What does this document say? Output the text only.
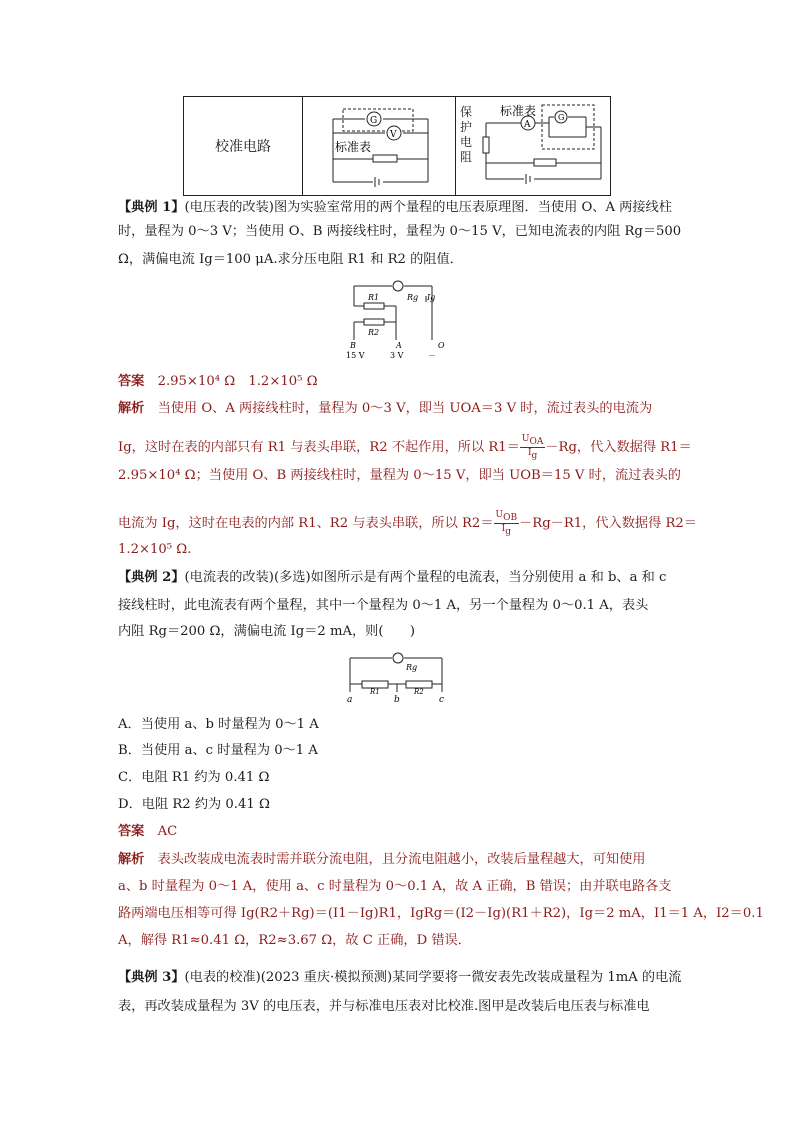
校准电路
G
V
标准表
A
G
标准表
保护电阻
【典例 1】(电压表的改装)图为实验室常用的两个量程的电压表原理图．当使用 O、A 两接线柱
时，量程为 0～3 V；当使用 O、B 两接线柱时，量程为 0～15 V，已知电流表的内阻 Rg＝500
Ω，满偏电流 Ig＝100 μA.求分压电阻 R1 和 R2 的阻值．
Rg Ig
R1
R2
B	A	O
15 V	3 V	－
答案　 2.95×10⁴ Ω　1.2×10⁵ Ω
解析　 当使用 O、A 两接线柱时，量程为 0～3 V，即当 UOA＝3 V 时，流过表头的电流为
Ig，这时在表的内部只有 R1 与表头串联，R2 不起作用，所以 $R1= \frac{U_{OA}}{I_g} -Rg$，代入数据得 R1＝
2.95×10⁴ Ω；当使用 O、B 两接线柱时，量程为 0～15 V，即当 UOB＝15 V 时，流过表头的
电流为 Ig，这时在电表的内部 R1、R2 与表头串联，所以 $R2= \frac{U_{OB}}{I_g} -Rg-R1$，代入数据得 R2＝
1.2×10⁵ Ω.
【典例 2】(电流表的改装)(多选)如图所示是有两个量程的电流表，当分别使用 a 和 b、a 和 c
接线柱时，此电流表有两个量程，其中一个量程为 0～1 A，另一个量程为 0～0.1 A，表头
内阻 Rg＝200 Ω，满偏电流 Ig＝2 mA，则(　　)
Rg
R1	R2
a	b	c
A．当使用 a、b 时量程为 0～1 A
B．当使用 a、c 时量程为 0～1 A
C．电阻 R1 约为 0.41 Ω
D．电阻 R2 约为 0.41 Ω
答案　 AC
解析　 表头改装成电流表时需并联分流电阻，且分流电阻越小，改装后量程越大，可知使用
a、b 时量程为 0～1 A，使用 a、c 时量程为 0～0.1 A，故 A 正确，B 错误；由并联电路各支
路两端电压相等可得 Ig(R2＋Rg)＝(I1－Ig)R1，IgRg＝(I2－Ig)(R1＋R2)，Ig＝2 mA，I1＝1 A，I2＝0.1
A，解得 R1≈0.41 Ω，R2≈3.67 Ω，故 C 正确，D 错误．
【典例 3】(电表的校准)(2023 重庆·模拟预测)某同学要将一微安表先改装成量程为 1mA 的电流
表，再改装成量程为 3V 的电压表，并与标准电压表对比校准.图甲是改装后电压表与标准电
